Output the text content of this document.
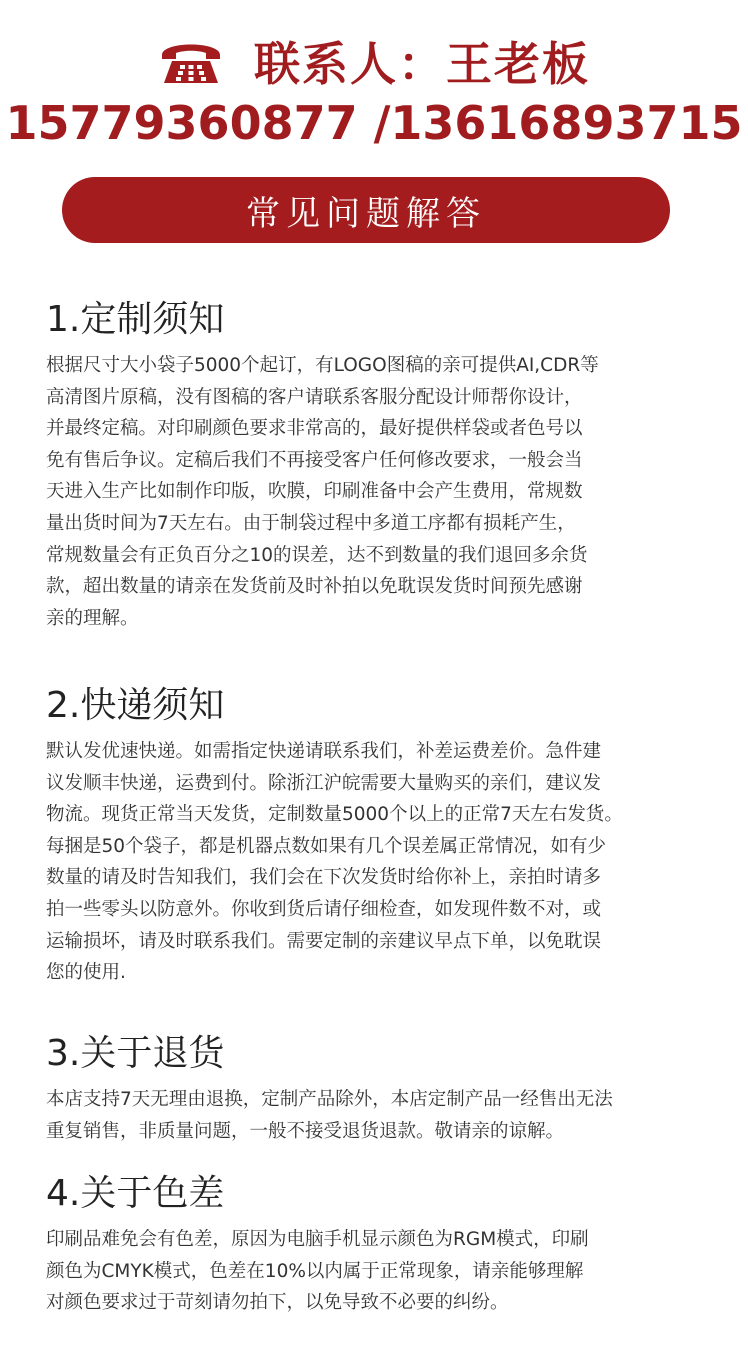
联系人：王老板
15779360877 /13616893715
常见问题解答
1.定制须知
根据尺寸大小袋子5000个起订，有LOGO图稿的亲可提供AI,CDR等
高清图片原稿，没有图稿的客户请联系客服分配设计师帮你设计，
并最终定稿。对印刷颜色要求非常高的，最好提供样袋或者色号以
免有售后争议。定稿后我们不再接受客户任何修改要求，一般会当
天进入生产比如制作印版，吹膜，印刷准备中会产生费用，常规数
量出货时间为7天左右。由于制袋过程中多道工序都有损耗产生，
常规数量会有正负百分之10的误差，达不到数量的我们退回多余货
款，超出数量的请亲在发货前及时补拍以免耽误发货时间预先感谢
亲的理解。
2.快递须知
默认发优速快递。如需指定快递请联系我们，补差运费差价。急件建
议发顺丰快递，运费到付。除浙江沪皖需要大量购买的亲们，建议发
物流。现货正常当天发货，定制数量5000个以上的正常7天左右发货。
每捆是50个袋子，都是机器点数如果有几个误差属正常情况，如有少
数量的请及时告知我们，我们会在下次发货时给你补上，亲拍时请多
拍一些零头以防意外。你收到货后请仔细检查，如发现件数不对，或
运输损坏，请及时联系我们。需要定制的亲建议早点下单，以免耽误
您的使用.
3.关于退货
本店支持7天无理由退换，定制产品除外，本店定制产品一经售出无法
重复销售，非质量问题，一般不接受退货退款。敬请亲的谅解。
4.关于色差
印刷品难免会有色差，原因为电脑手机显示颜色为RGM模式，印刷
颜色为CMYK模式，色差在10%以内属于正常现象，请亲能够理解
对颜色要求过于苛刻请勿拍下，以免导致不必要的纠纷。
